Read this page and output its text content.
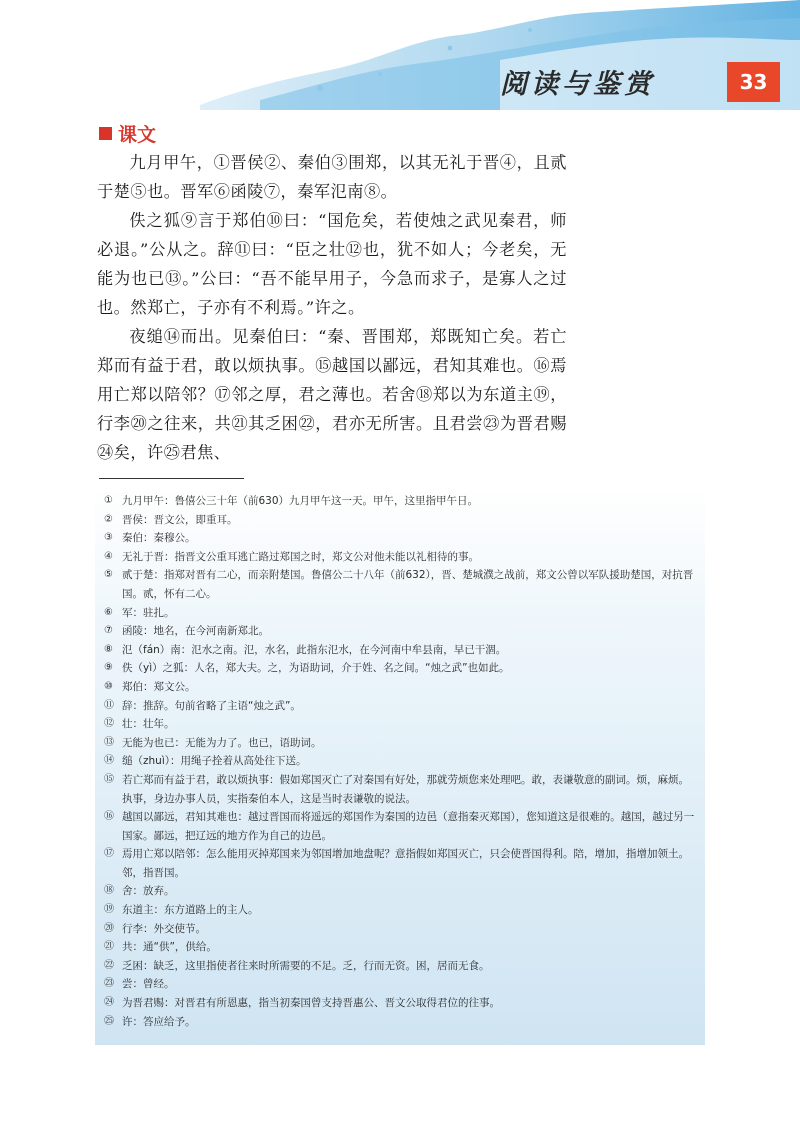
阅读与鉴赏	33
课文

九月甲午，①晋侯②、秦伯③围郑，以其无礼于晋④，且贰于楚⑤也。晋军⑥函陵⑦，秦军氾南⑧。

佚之狐⑨言于郑伯⑩曰：“国危矣，若使烛之武见秦君，师必退。”公从之。辞⑪曰：“臣之壮⑫也，犹不如人；今老矣，无能为也已⑬。”公曰：“吾不能早用子，今急而求子，是寡人之过也。然郑亡，子亦有不利焉。”许之。

夜缒⑭而出。见秦伯曰：“秦、晋围郑，郑既知亡矣。若亡郑而有益于君，敢以烦执事。⑮越国以鄙远，君知其难也。⑯焉用亡郑以陪邻？⑰邻之厚，君之薄也。若舍⑱郑以为东道主⑲，行李⑳之往来，共㉑其乏困㉒，君亦无所害。且君尝㉓为晋君赐㉔矣，许㉕君焦、

① 九月甲午：鲁僖公三十年（前630）九月甲午这一天。甲午，这里指甲午日。
② 晋侯：晋文公，即重耳。
③ 秦伯：秦穆公。
④ 无礼于晋：指晋文公重耳逃亡路过郑国之时，郑文公对他未能以礼相待的事。
⑤ 贰于楚：指郑对晋有二心，而亲附楚国。鲁僖公二十八年（前632），晋、楚城濮之战前，郑文公曾以军队援助楚国，对抗晋国。贰，怀有二心。
⑥ 军：驻扎。
⑦ 函陵：地名，在今河南新郑北。
⑧ 氾（fán）南：氾水之南。氾，水名，此指东氾水，在今河南中牟县南，早已干涸。
⑨ 佚（yì）之狐：人名，郑大夫。之，为语助词，介于姓、名之间。“烛之武”也如此。
⑩ 郑伯：郑文公。
⑪ 辞：推辞。句前省略了主语“烛之武”。
⑫ 壮：壮年。
⑬ 无能为也已：无能为力了。也已，语助词。
⑭ 缒（zhuì）：用绳子拴着从高处往下送。
⑮ 若亡郑而有益于君，敢以烦执事：假如郑国灭亡了对秦国有好处，那就劳烦您来处理吧。敢，表谦敬意的副词。烦，麻烦。执事，身边办事人员，实指秦伯本人，这是当时表谦敬的说法。
⑯ 越国以鄙远，君知其难也：越过晋国而将遥远的郑国作为秦国的边邑（意指秦灭郑国），您知道这是很难的。越国，越过另一国家。鄙远，把辽远的地方作为自己的边邑。
⑰ 焉用亡郑以陪邻：怎么能用灭掉郑国来为邻国增加地盘呢？意指假如郑国灭亡，只会使晋国得利。陪，增加，指增加领土。邻，指晋国。
⑱ 舍：放弃。
⑲ 东道主：东方道路上的主人。
⑳ 行李：外交使节。
㉑ 共：通“供”，供给。
㉒ 乏困：缺乏，这里指使者往来时所需要的不足。乏，行而无资。困，居而无食。
㉓ 尝：曾经。
㉔ 为晋君赐：对晋君有所恩惠，指当初秦国曾支持晋惠公、晋文公取得君位的往事。
㉕ 许：答应给予。
